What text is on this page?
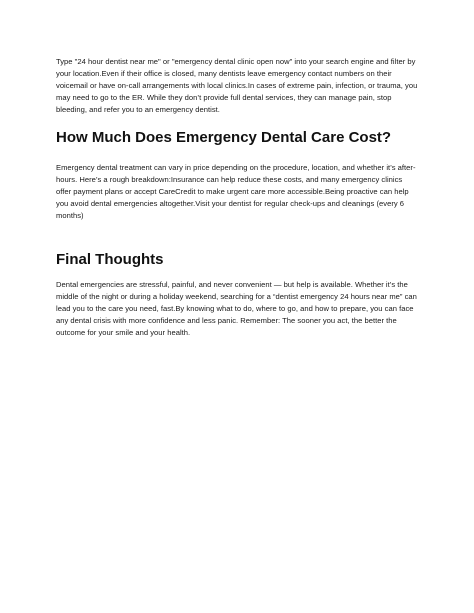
Type "24 hour dentist near me" or "emergency dental clinic open now" into your search engine and filter by your location.Even if their office is closed, many dentists leave emergency contact numbers on their voicemail or have on-call arrangements with local clinics.In cases of extreme pain, infection, or trauma, you may need to go to the ER. While they don’t provide full dental services, they can manage pain, stop bleeding, and refer you to an emergency dentist.

How Much Does Emergency Dental Care Cost?

Emergency dental treatment can vary in price depending on the procedure, location, and whether it’s after-hours. Here’s a rough breakdown:Insurance can help reduce these costs, and many emergency clinics offer payment plans or accept CareCredit to make urgent care more accessible.Being proactive can help you avoid dental emergencies altogether.Visit your dentist for regular check-ups and cleanings (every 6 months)

Final Thoughts

Dental emergencies are stressful, painful, and never convenient — but help is available. Whether it’s the middle of the night or during a holiday weekend, searching for a “dentist emergency 24 hours near me” can lead you to the care you need, fast.By knowing what to do, where to go, and how to prepare, you can face any dental crisis with more confidence and less panic. Remember: The sooner you act, the better the outcome for your smile and your health.
